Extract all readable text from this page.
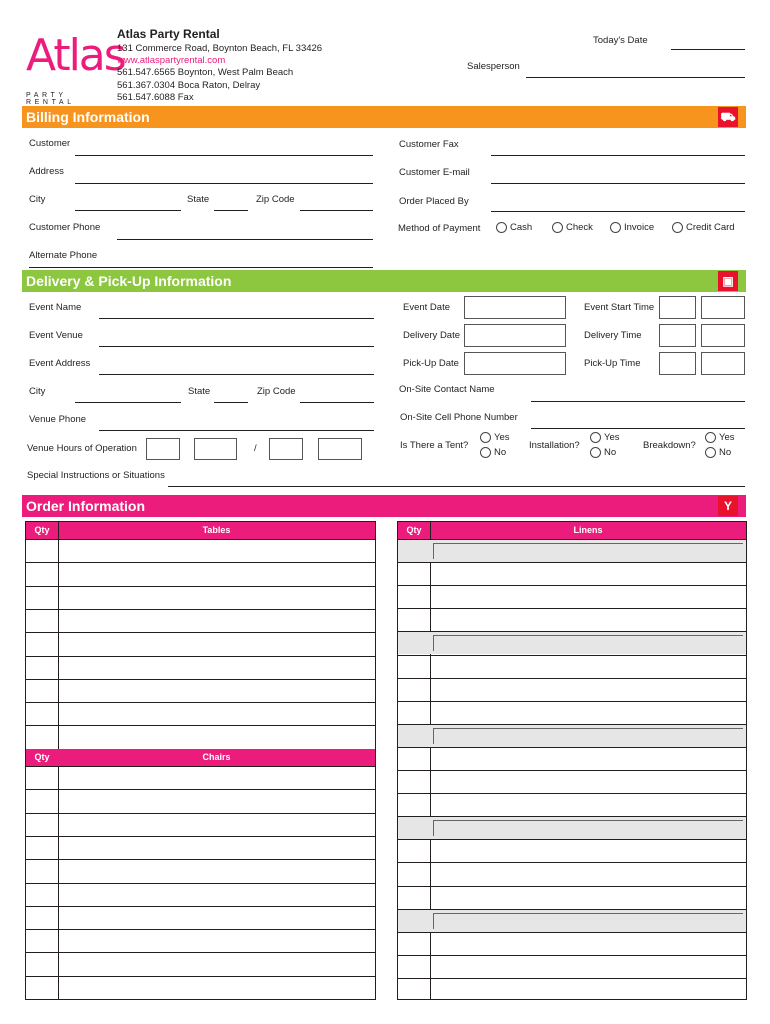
Atlas
PARTY RENTAL
Atlas Party Rental
131 Commerce Road, Boynton Beach, FL 33426
www.atlaspartyrental.com
561.547.6565 Boynton, West Palm Beach
561.367.0304 Boca Raton, Delray
561.547.6088 Fax
Today's Date
Salesperson
Billing Information	⛟
Customer
Address
City	State	Zip Code
Customer Phone
Alternate Phone
Customer Fax
Customer E-mail
Order Placed By
Method of Payment	Cash	Check	Invoice	Credit Card
Delivery & Pick-Up Information	▣
Event Name
Event Venue
Event Address
City	State	Zip Code
Venue Phone
Venue Hours of Operation	/
Special Instructions or Situations
Event Date
Delivery Date
Pick-Up Date
Event Start Time
Delivery Time
Pick-Up Time
On-Site Contact Name
On-Site Cell Phone Number
Is There a Tent?
Yes
No
Installation?
Yes
No
Breakdown?
Yes
No
Order Information	Y
Qty	Tables
Qty	Chairs
Qty	Linens
